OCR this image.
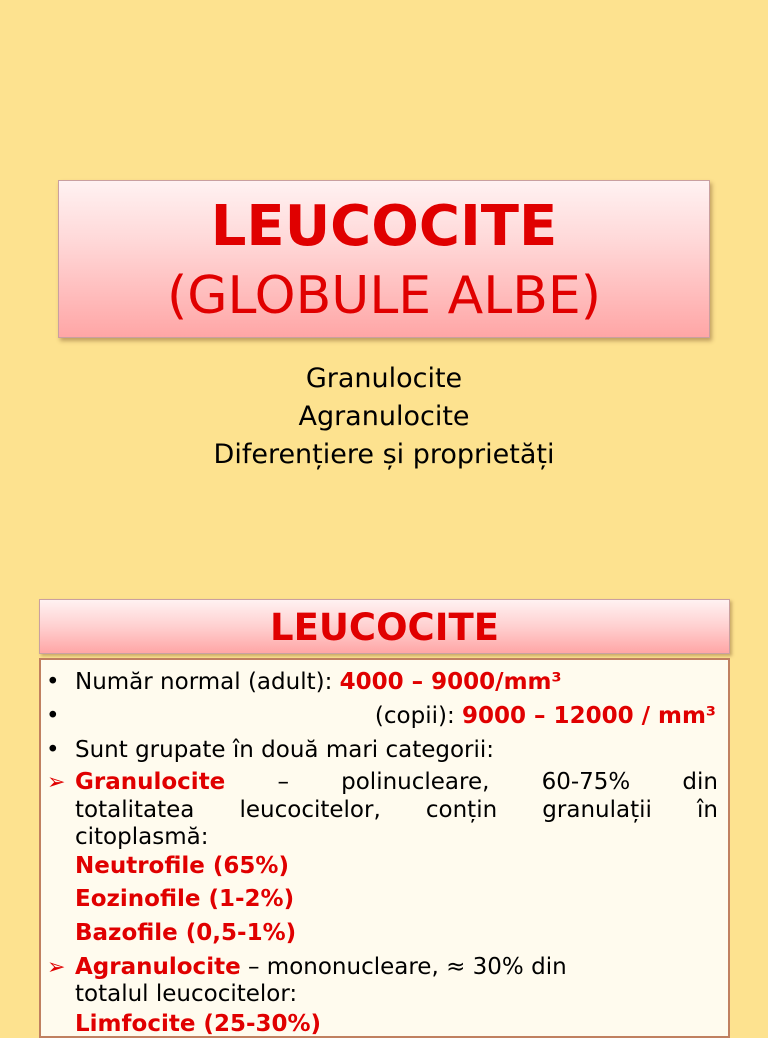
LEUCOCITE
(GLOBULE ALBE)
Granulocite
Agranulocite
Diferențiere și proprietăți
LEUCOCITE
• Număr normal (adult): 4000 – 9000/mm³
•	(copii): 9000 – 12000 / mm³
• Sunt grupate în două mari categorii:
➢ Granulocite – polinucleare, 60-75% din
totalitatea leucocitelor, conțin granulații în
citoplasmă:
Neutrofile (65%)
Eozinofile (1-2%)
Bazofile (0,5-1%)
➢ Agranulocite – mononucleare, ≈ 30% din
totalul leucocitelor:
Limfocite (25-30%)
